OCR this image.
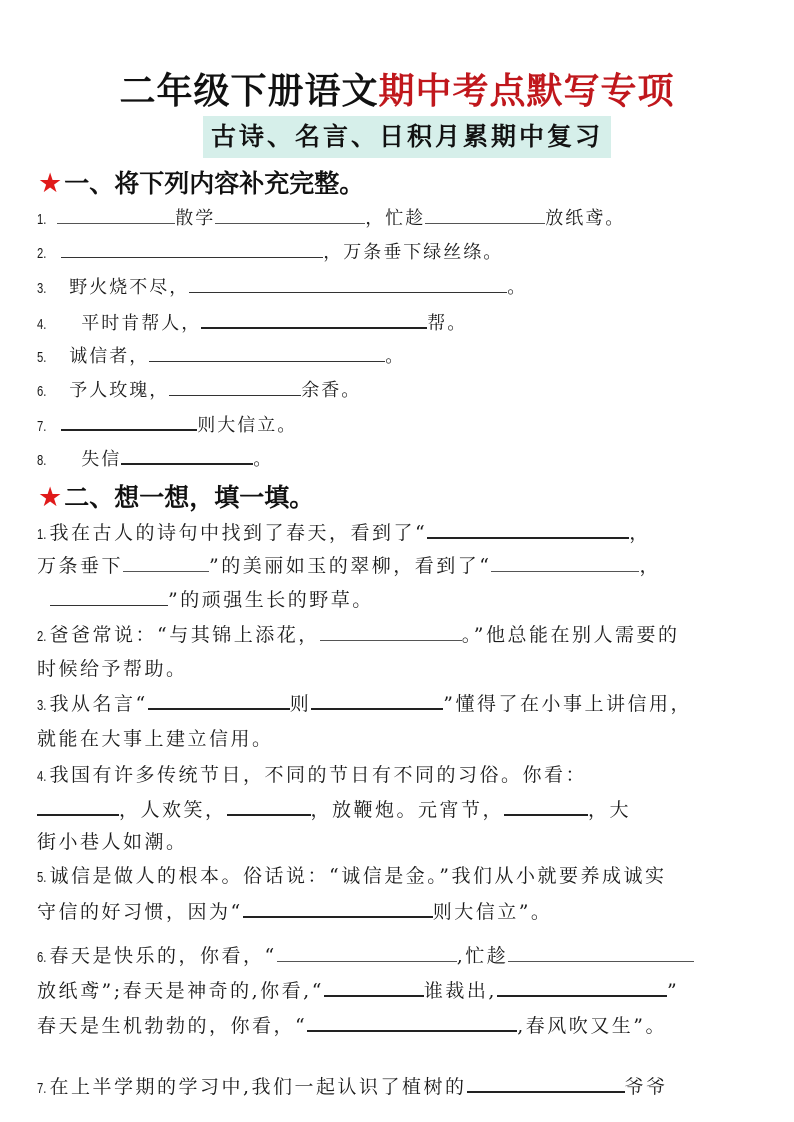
二年级下册语文期中考点默写专项
古诗、名言、日积月累期中复习
★一、将下列内容补充完整。
1.	散学	，忙趁	放纸鸢。
2.	，万条垂下绿丝绦。
3. 野火烧不尽，	。
4. 平时肯帮人，	帮。
5. 诚信者，	。
6. 予人玫瑰，	余香。
7.	则大信立。
8. 失信	。
★二、想一想，填一填。
1. 我在古人的诗句中找到了春天，看到了“	，
万条垂下	”的美丽如玉的翠柳，看到了“	，
”的顽强生长的野草。
2. 爸爸常说：“与其锦上添花，	。”他总能在别人需要的
时候给予帮助。
3. 我从名言“	则	”懂得了在小事上讲信用，
就能在大事上建立信用。
4. 我国有许多传统节日，不同的节日有不同的习俗。你看：
，人欢笑，	，放鞭炮。元宵节，	，大
街小巷人如潮。
5. 诚信是做人的根本。俗话说：“诚信是金。”我们从小就要养成诚实
守信的好习惯，因为“	则大信立”。
6. 春天是快乐的，你看，“	,忙趁
放纸鸢”;春天是神奇的,你看,“	谁裁出,	”
春天是生机勃勃的，你看，“	,春风吹又生”。
7. 在上半学期的学习中,我们一起认识了植树的	爷爷
